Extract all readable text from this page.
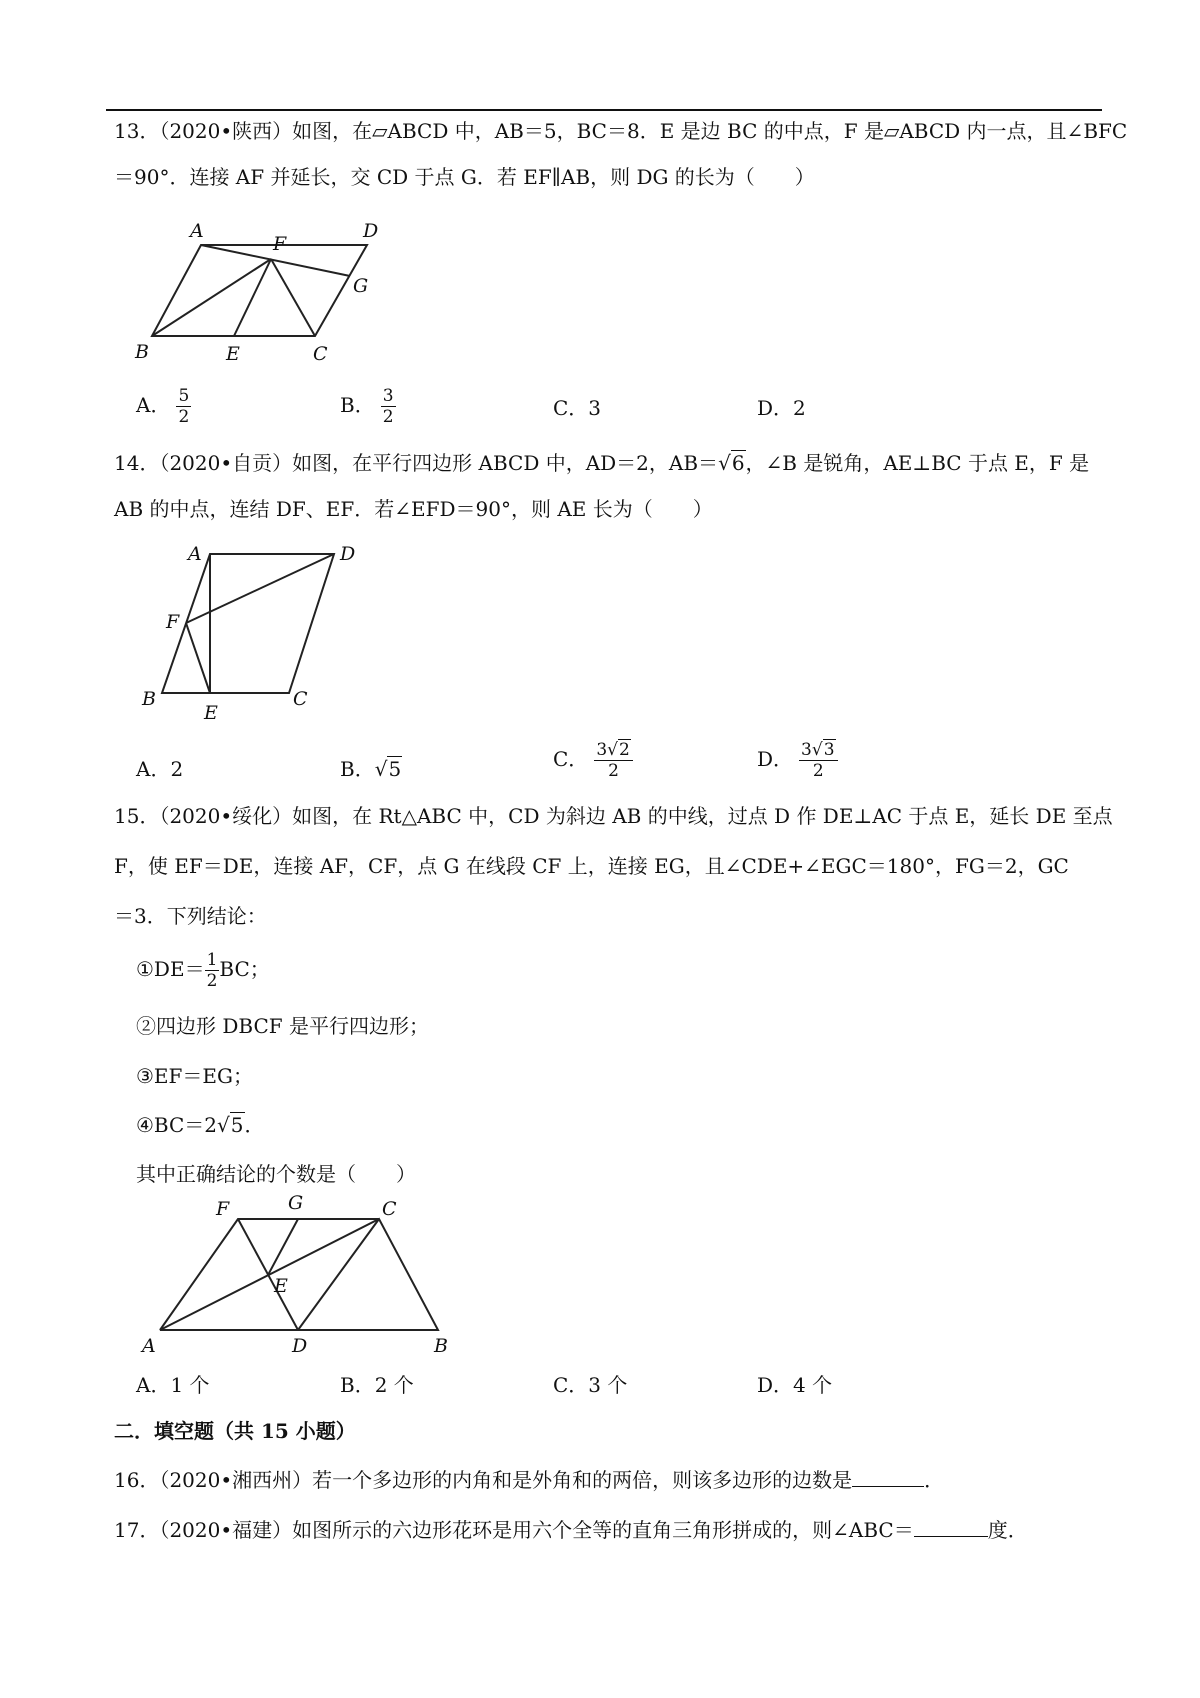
13．（2020•陕西）如图，在▱ABCD 中，AB＝5，BC＝8．E 是边 BC 的中点，F 是▱ABCD 内一点，且∠BFC
＝90°．连接 AF 并延长，交 CD 于点 G．若 EF∥AB，则 DG 的长为（　　）
A	D
F
G
B	E	C
A． $\frac{5}{2}$	B． $\frac{3}{2}$	C．3	D．2
14．（2020•自贡）如图，在平行四边形 ABCD 中，AD＝2，AB＝√6，∠B 是锐角，AE⊥BC 于点 E，F 是
AB 的中点，连结 DF、EF．若∠EFD＝90°，则 AE 长为（　　）
A	D
F
B
E
C
A．2	B．√5	C． $\frac{3√2}{2}$	D． $\frac{3√3}{2}$
15．（2020•绥化）如图，在 Rt△ABC 中，CD 为斜边 AB 的中线，过点 D 作 DE⊥AC 于点 E，延长 DE 至点
F，使 EF＝DE，连接 AF，CF，点 G 在线段 CF 上，连接 EG，且∠CDE+∠EGC＝180°，FG＝2，GC
＝3．下列结论：
①DE＝ $\frac{1}{2}$ BC；
②四边形 DBCF 是平行四边形；
③EF＝EG；
④BC＝2√5．
其中正确结论的个数是（　　）
F	G	C
E
A	D	B
A．1 个	B．2 个	C．3 个	D．4 个
二．填空题（共 15 小题）
16．（2020•湘西州）若一个多边形的内角和是外角和的两倍，则该多边形的边数是	．
17．（2020•福建）如图所示的六边形花环是用六个全等的直角三角形拼成的，则∠ABC＝	度．
